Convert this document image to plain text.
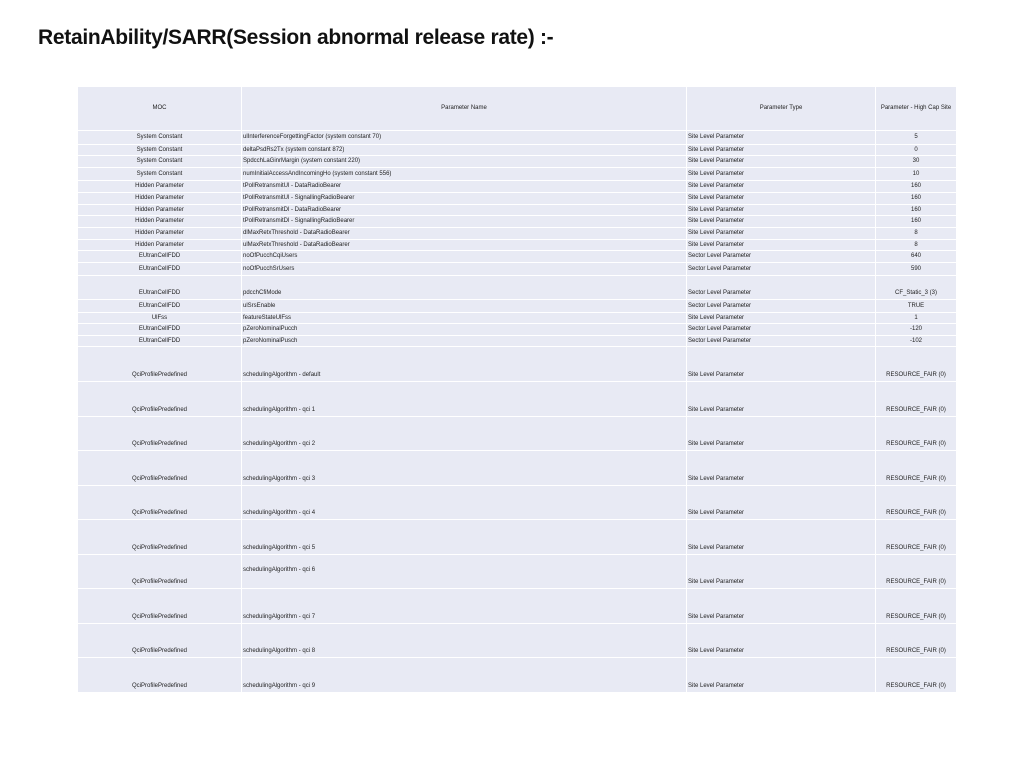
RetainAbility/SARR(Session abnormal release rate) :-
MOC	Parameter Name	Parameter Type	Parameter - High Cap Site
System Constant	ulInterferenceForgettingFactor (system constant 70)	Site Level Parameter	5
System Constant	deltaPsdRs2Tx (system constant 872)	Site Level Parameter	0
System Constant	SpdcchLaGinrMargin (system constant 220)	Site Level Parameter	30
System Constant	numInitialAccessAndIncomingHo (system constant 556)	Site Level Parameter	10
Hidden Parameter	tPollRetransmitUl - DataRadioBearer	Site Level Parameter	160
Hidden Parameter	tPollRetransmitUl - SignallingRadioBearer	Site Level Parameter	160
Hidden Parameter	tPollRetransmitDl - DataRadioBearer	Site Level Parameter	160
Hidden Parameter	tPollRetransmitDl - SignallingRadioBearer	Site Level Parameter	160
Hidden Parameter	dlMaxRetxThreshold - DataRadioBearer	Site Level Parameter	8
Hidden Parameter	ulMaxRetxThreshold - DataRadioBearer	Site Level Parameter	8
EUtranCellFDD	noOfPucchCqiUsers	Sector Level Parameter	640
EUtranCellFDD	noOfPucchSrUsers	Sector Level Parameter	590
EUtranCellFDD	pdcchCfiMode	Sector Level Parameter	CF_Static_3 (3)
EUtranCellFDD	ulSrsEnable	Sector Level Parameter	TRUE
UlFss	featureStateUlFss	Site Level Parameter	1
EUtranCellFDD	pZeroNominalPucch	Sector Level Parameter	-120
EUtranCellFDD	pZeroNominalPusch	Sector Level Parameter	-102
QciProfilePredefined	schedulingAlgorithm - default	Site Level Parameter	RESOURCE_FAIR (0)
QciProfilePredefined	schedulingAlgorithm - qci 1	Site Level Parameter	RESOURCE_FAIR (0)
QciProfilePredefined	schedulingAlgorithm - qci 2	Site Level Parameter	RESOURCE_FAIR (0)
QciProfilePredefined	schedulingAlgorithm - qci 3	Site Level Parameter	RESOURCE_FAIR (0)
QciProfilePredefined	schedulingAlgorithm - qci 4	Site Level Parameter	RESOURCE_FAIR (0)
QciProfilePredefined	schedulingAlgorithm - qci 5	Site Level Parameter	RESOURCE_FAIR (0)
QciProfilePredefined	schedulingAlgorithm - qci 6	Site Level Parameter	RESOURCE_FAIR (0)
QciProfilePredefined	schedulingAlgorithm - qci 7	Site Level Parameter	RESOURCE_FAIR (0)
QciProfilePredefined	schedulingAlgorithm - qci 8	Site Level Parameter	RESOURCE_FAIR (0)
QciProfilePredefined	schedulingAlgorithm - qci 9	Site Level Parameter	RESOURCE_FAIR (0)
